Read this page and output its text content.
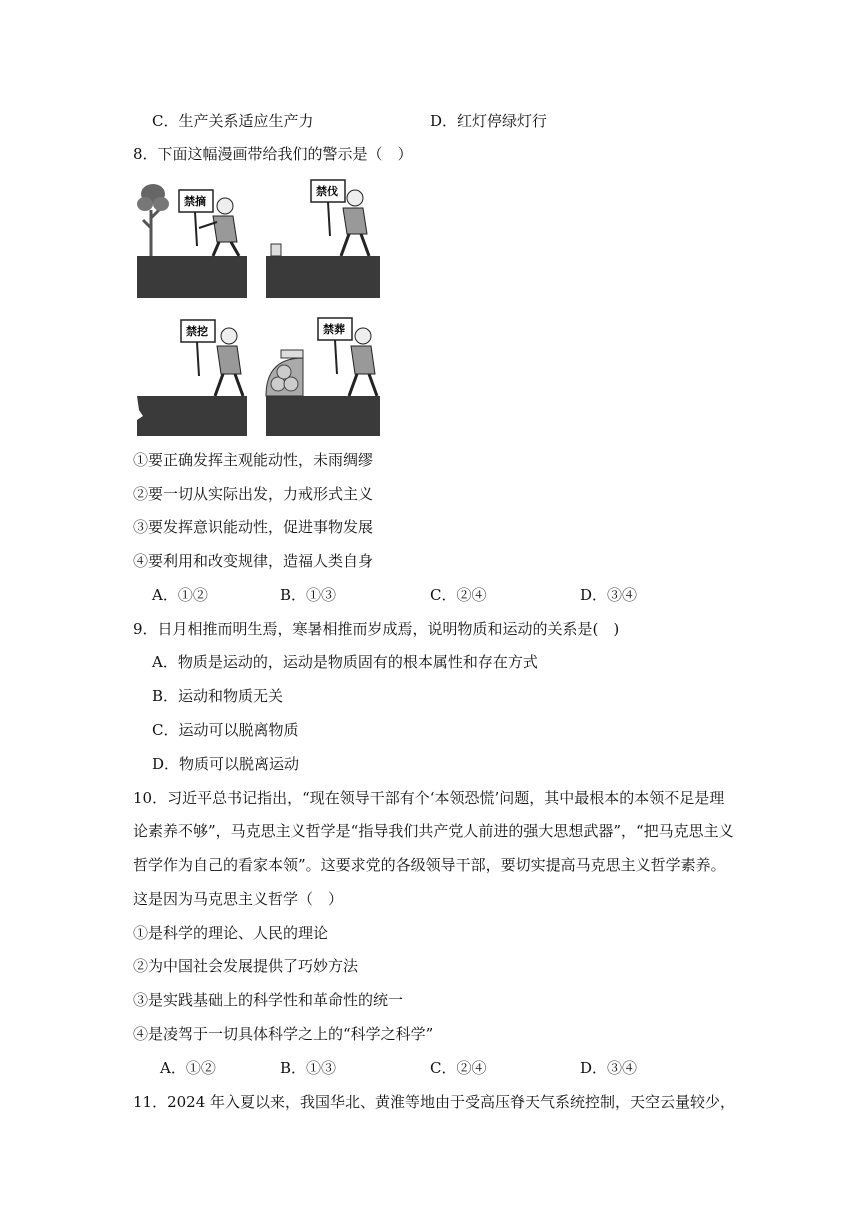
C．生产关系适应生产力	D．红灯停绿灯行
8．下面这幅漫画带给我们的警示是（　）
禁摘
禁伐
禁挖	禁葬
①要正确发挥主观能动性，未雨绸缪
②要一切从实际出发，力戒形式主义
③要发挥意识能动性，促进事物发展
④要利用和改变规律，造福人类自身
A．①②	B．①③	C．②④	D．③④
9．日月相推而明生焉，寒暑相推而岁成焉，说明物质和运动的关系是(　)
A．物质是运动的，运动是物质固有的根本属性和存在方式
B．运动和物质无关
C．运动可以脱离物质
D．物质可以脱离运动
10．习近平总书记指出，“现在领导干部有个‘本领恐慌’问题，其中最根本的本领不足是理
论素养不够”，马克思主义哲学是“指导我们共产党人前进的强大思想武器”，“把马克思主义
哲学作为自己的看家本领”。这要求党的各级领导干部，要切实提高马克思主义哲学素养。
这是因为马克思主义哲学（　）
①是科学的理论、人民的理论
②为中国社会发展提供了巧妙方法
③是实践基础上的科学性和革命性的统一
④是凌驾于一切具体科学之上的“科学之科学”
A．①②	B．①③	C．②④	D．③④
11．2024 年入夏以来，我国华北、黄淮等地由于受高压脊天气系统控制，天空云量较少，
